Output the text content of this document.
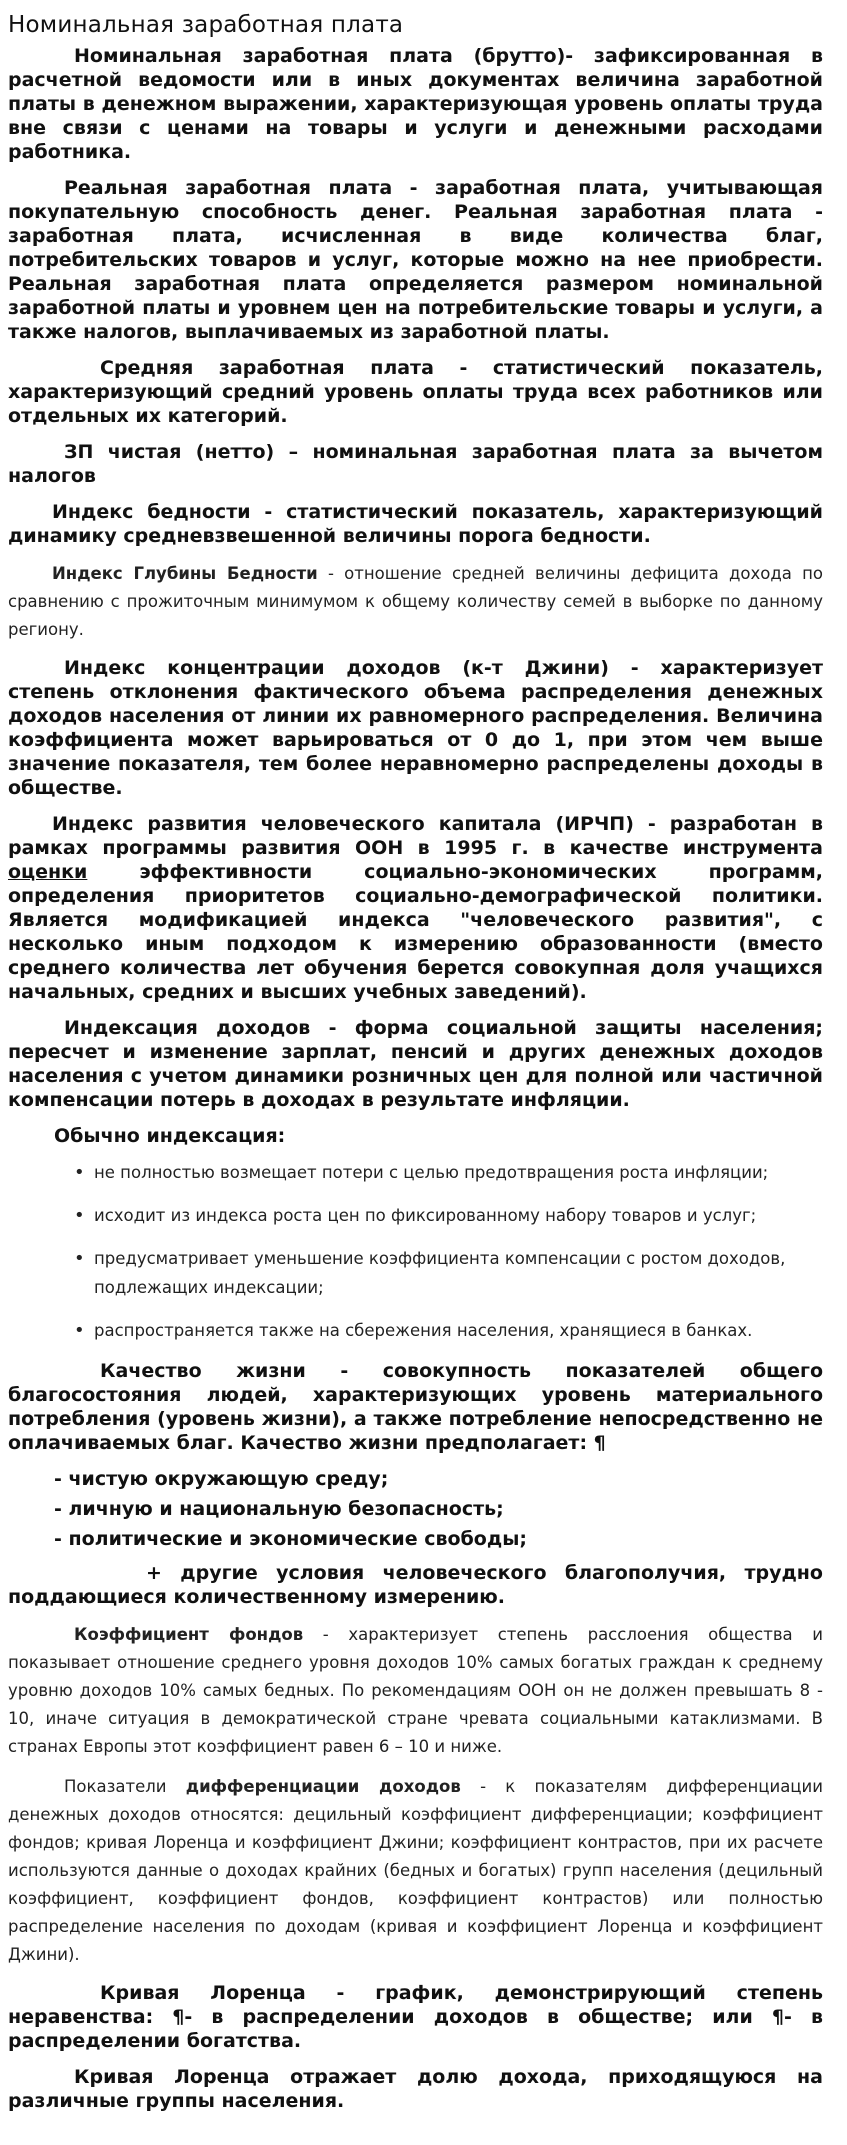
Номинальная заработная плата

Номинальная заработная плата (брутто)- зафиксированная в расчетной ведомости или в иных документах величина заработной платы в денежном выражении, характеризующая уровень оплаты труда вне связи с ценами на товары и услуги и денежными расходами работника.

Реальная заработная плата - заработная плата, учитывающая покупательную способность денег. Реальная заработная плата - заработная плата, исчисленная в виде количества благ, потребительских товаров и услуг, которые можно на нее приобрести. Реальная заработная плата определяется размером номинальной заработной платы и уровнем цен на потребительские товары и услуги, а также налогов, выплачиваемых из заработной платы.

Средняя заработная плата - статистический показатель, характеризующий средний уровень оплаты труда всех работников или отдельных их категорий.

ЗП чистая (нетто) – номинальная заработная плата за вычетом налогов

Индекс бедности - статистический показатель, характеризующий динамику средневзвешенной величины порога бедности.

Индекс Глубины Бедности - отношение средней величины дефицита дохода по сравнению с прожиточным минимумом к общему количеству семей в выборке по данному региону.

Индекс концентрации доходов (к-т Джини) - характеризует степень отклонения фактического объема распределения денежных доходов населения от линии их равномерного распределения. Величина коэффициента может варьироваться от 0 до 1, при этом чем выше значение показателя, тем более неравномерно распределены доходы в обществе.

Индекс развития человеческого капитала (ИРЧП) - разработан в рамках программы развития ООН в 1995 г. в качестве инструмента оценки эффективности социально-экономических программ, определения приоритетов социально-демографической политики. Является модификацией индекса "человеческого развития", с несколько иным подходом к измерению образованности (вместо среднего количества лет обучения берется совокупная доля учащихся начальных, средних и высших учебных заведений).

Индексация доходов - форма социальной защиты населения; пересчет и изменение зарплат, пенсий и других денежных доходов населения с учетом динамики розничных цен для полной или частичной компенсации потерь в доходах в результате инфляции.

Обычно индексация:

• не полностью возмещает потери с целью предотвращения роста инфляции;
• исходит из индекса роста цен по фиксированному набору товаров и услуг;
• предусматривает уменьшение коэффициента компенсации с ростом доходов, подлежащих индексации;
• распространяется также на сбережения населения, хранящиеся в банках.

Качество жизни - совокупность показателей общего благосостояния людей, характеризующих уровень материального потребления (уровень жизни), а также потребление непосредственно не оплачиваемых благ. Качество жизни предполагает: ¶

- чистую окружающую среду;
- личную и национальную безопасность;
- политические и экономические свободы;

+ другие условия человеческого благополучия, трудно поддающиеся количественному измерению.

Коэффициент фондов - характеризует степень расслоения общества и показывает отношение среднего уровня доходов 10% самых богатых граждан к среднему уровню доходов 10% самых бедных. По рекомендациям ООН он не должен превышать 8 - 10, иначе ситуация в демократической стране чревата социальными катаклизмами. В странах Европы этот коэффициент равен 6 – 10 и ниже.

Показатели дифференциации доходов - к показателям дифференциации денежных доходов относятся: децильный коэффициент дифференциации; коэффициент фондов; кривая Лоренца и коэффициент Джини; коэффициент контрастов, при их расчете используются данные о доходах крайних (бедных и богатых) групп населения (децильный коэффициент, коэффициент фондов, коэффициент контрастов) или полностью распределение населения по доходам (кривая и коэффициент Лоренца и коэффициент Джини).

Кривая Лоренца - график, демонстрирующий степень неравенства: ¶- в распределении доходов в обществе; или ¶- в распределении богатства.

Кривая Лоренца отражает долю дохода, приходящуюся на различные группы населения.
